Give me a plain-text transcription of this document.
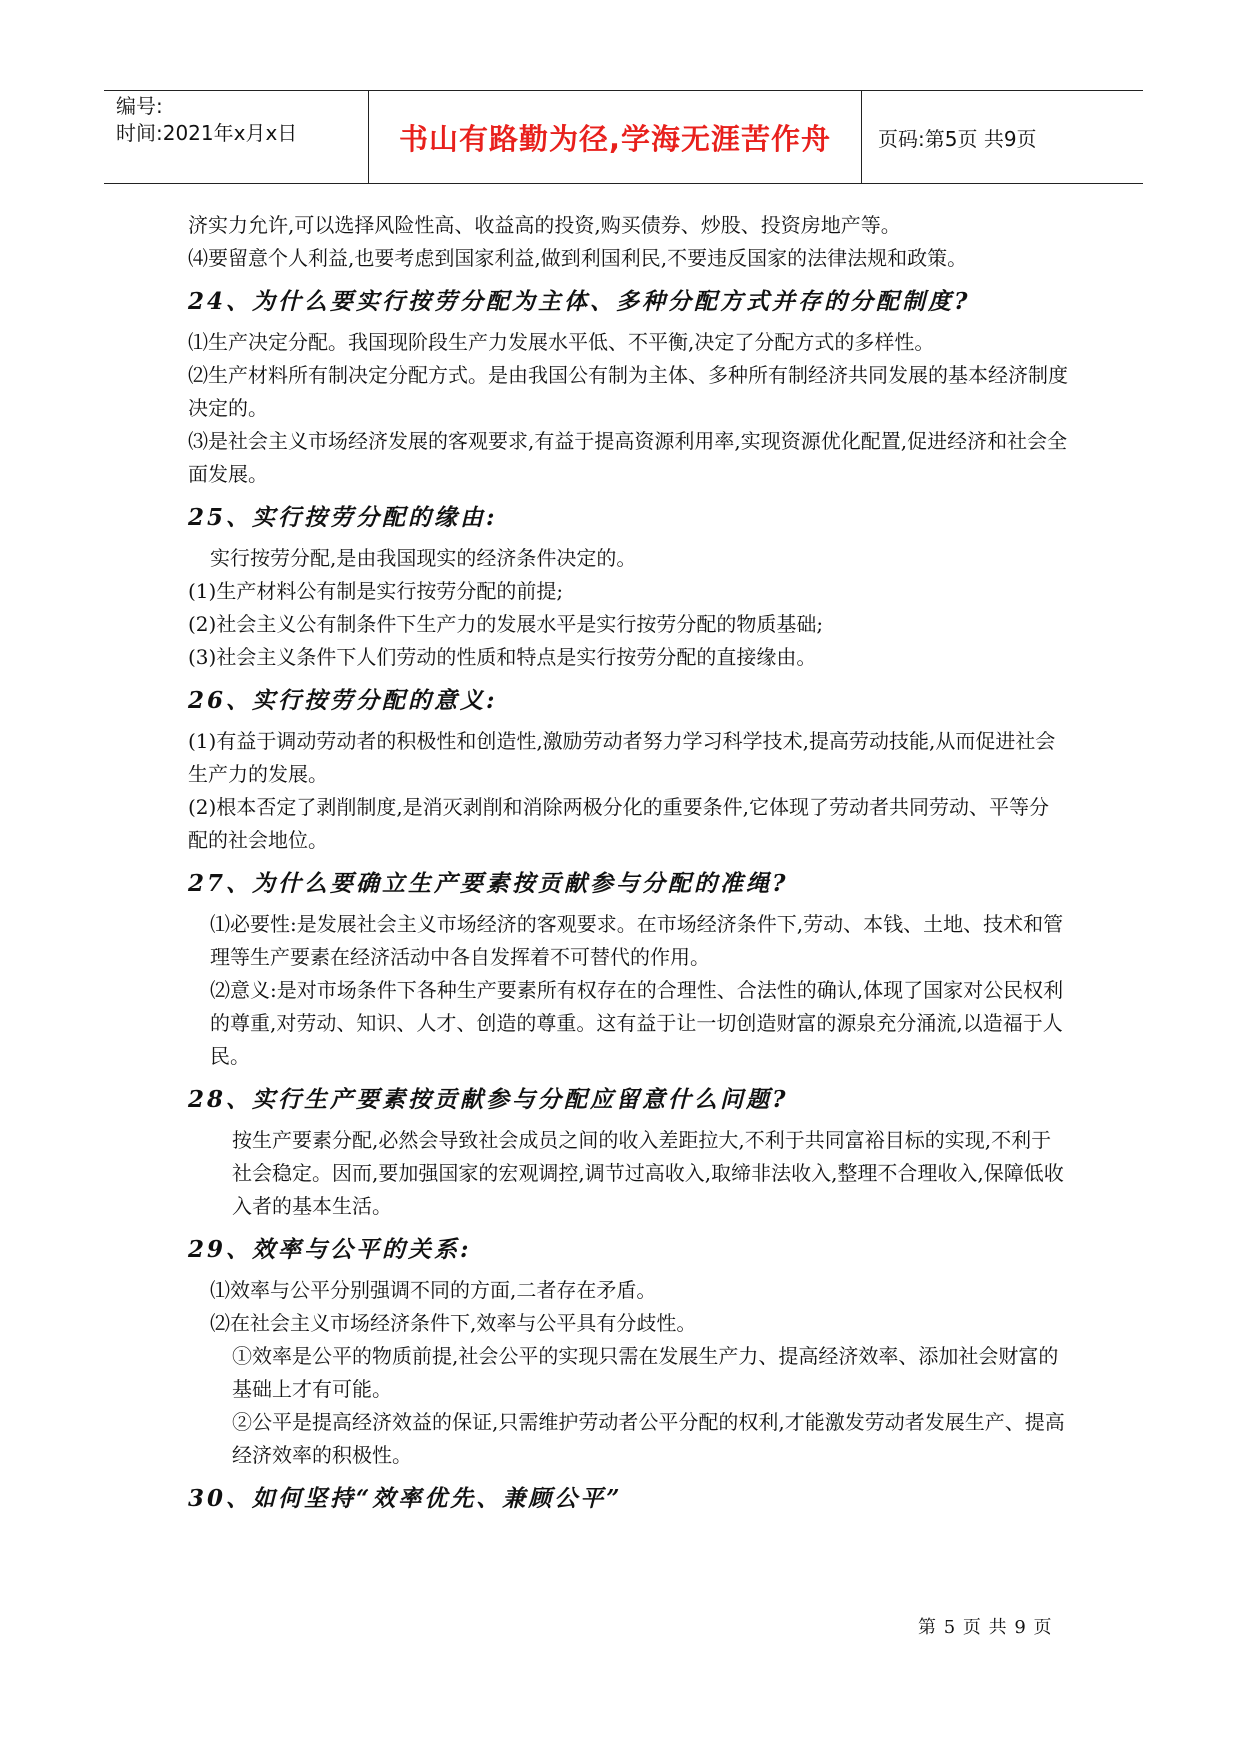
编号:
时间:2021年x月x日	书山有路勤为径,学海无涯苦作舟 页码:第5页 共9页

济实力允许,可以选择风险性高、收益高的投资,购买债券、炒股、投资房地产等。

⑷要留意个人利益,也要考虑到国家利益,做到利国利民,不要违反国家的法律法规和政策。

24、为什么要实行按劳分配为主体、多种分配方式并存的分配制度?

⑴生产决定分配。我国现阶段生产力发展水平低、不平衡,决定了分配方式的多样性。

⑵生产材料所有制决定分配方式。是由我国公有制为主体、多种所有制经济共同发展的基本经济制度决定的。

⑶是社会主义市场经济发展的客观要求,有益于提高资源利用率,实现资源优化配置,促进经济和社会全面发展。

25、实行按劳分配的缘由:

实行按劳分配,是由我国现实的经济条件决定的。

(1)生产材料公有制是实行按劳分配的前提;

(2)社会主义公有制条件下生产力的发展水平是实行按劳分配的物质基础;

(3)社会主义条件下人们劳动的性质和特点是实行按劳分配的直接缘由。

26、实行按劳分配的意义:

(1)有益于调动劳动者的积极性和创造性,激励劳动者努力学习科学技术,提高劳动技能,从而促进社会生产力的发展。

(2)根本否定了剥削制度,是消灭剥削和消除两极分化的重要条件,它体现了劳动者共同劳动、平等分配的社会地位。

27、为什么要确立生产要素按贡献参与分配的准绳?

⑴必要性:是发展社会主义市场经济的客观要求。在市场经济条件下,劳动、本钱、土地、技术和管理等生产要素在经济活动中各自发挥着不可替代的作用。

⑵意义:是对市场条件下各种生产要素所有权存在的合理性、合法性的确认,体现了国家对公民权利的尊重,对劳动、知识、人才、创造的尊重。这有益于让一切创造财富的源泉充分涌流,以造福于人民。

28、实行生产要素按贡献参与分配应留意什么问题?

按生产要素分配,必然会导致社会成员之间的收入差距拉大,不利于共同富裕目标的实现,不利于社会稳定。因而,要加强国家的宏观调控,调节过高收入,取缔非法收入,整理不合理收入,保障低收入者的基本生活。

29、效率与公平的关系:

⑴效率与公平分别强调不同的方面,二者存在矛盾。

⑵在社会主义市场经济条件下,效率与公平具有分歧性。

①效率是公平的物质前提,社会公平的实现只需在发展生产力、提高经济效率、添加社会财富的基础上才有可能。

②公平是提高经济效益的保证,只需维护劳动者公平分配的权利,才能激发劳动者发展生产、提高经济效率的积极性。

30、如何坚持“效率优先、兼顾公平”
第 5 页 共 9 页
